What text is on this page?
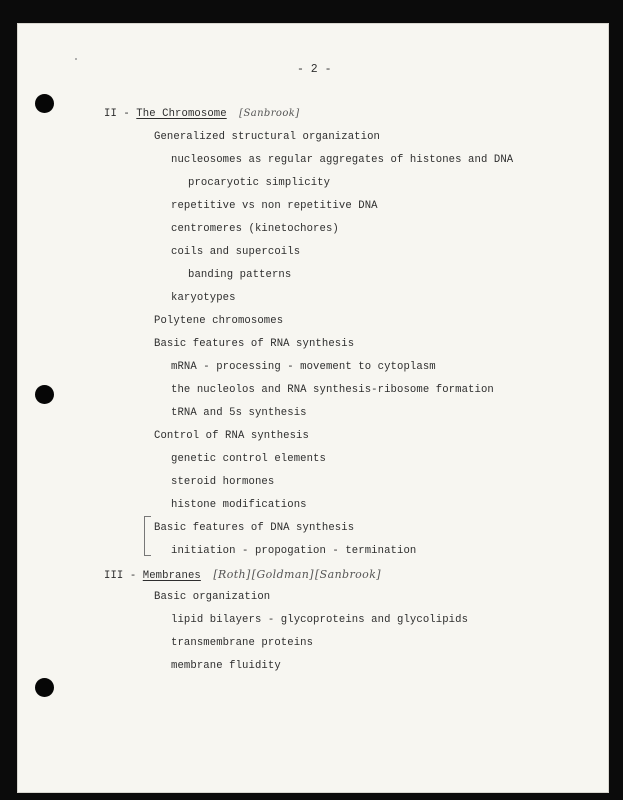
- 2 -
II - The Chromosome [Sanbrook]
Generalized structural organization
nucleosomes as regular aggregates of histones and DNA
procaryotic simplicity
repetitive vs non repetitive DNA
centromeres (kinetochores)
coils and supercoils
banding patterns
karyotypes
Polytene chromosomes
Basic features of RNA synthesis
mRNA - processing - movement to cytoplasm
the nucleolos and RNA synthesis-ribosome formation
tRNA and 5s synthesis
Control of RNA synthesis
genetic control elements
steroid hormones
histone modifications
Basic features of DNA synthesis
initiation - propogation - termination
III - Membranes [Roth][Goldman][Sanbrook]
Basic organization
lipid bilayers - glycoproteins and glycolipids
transmembrane proteins
membrane fluidity
